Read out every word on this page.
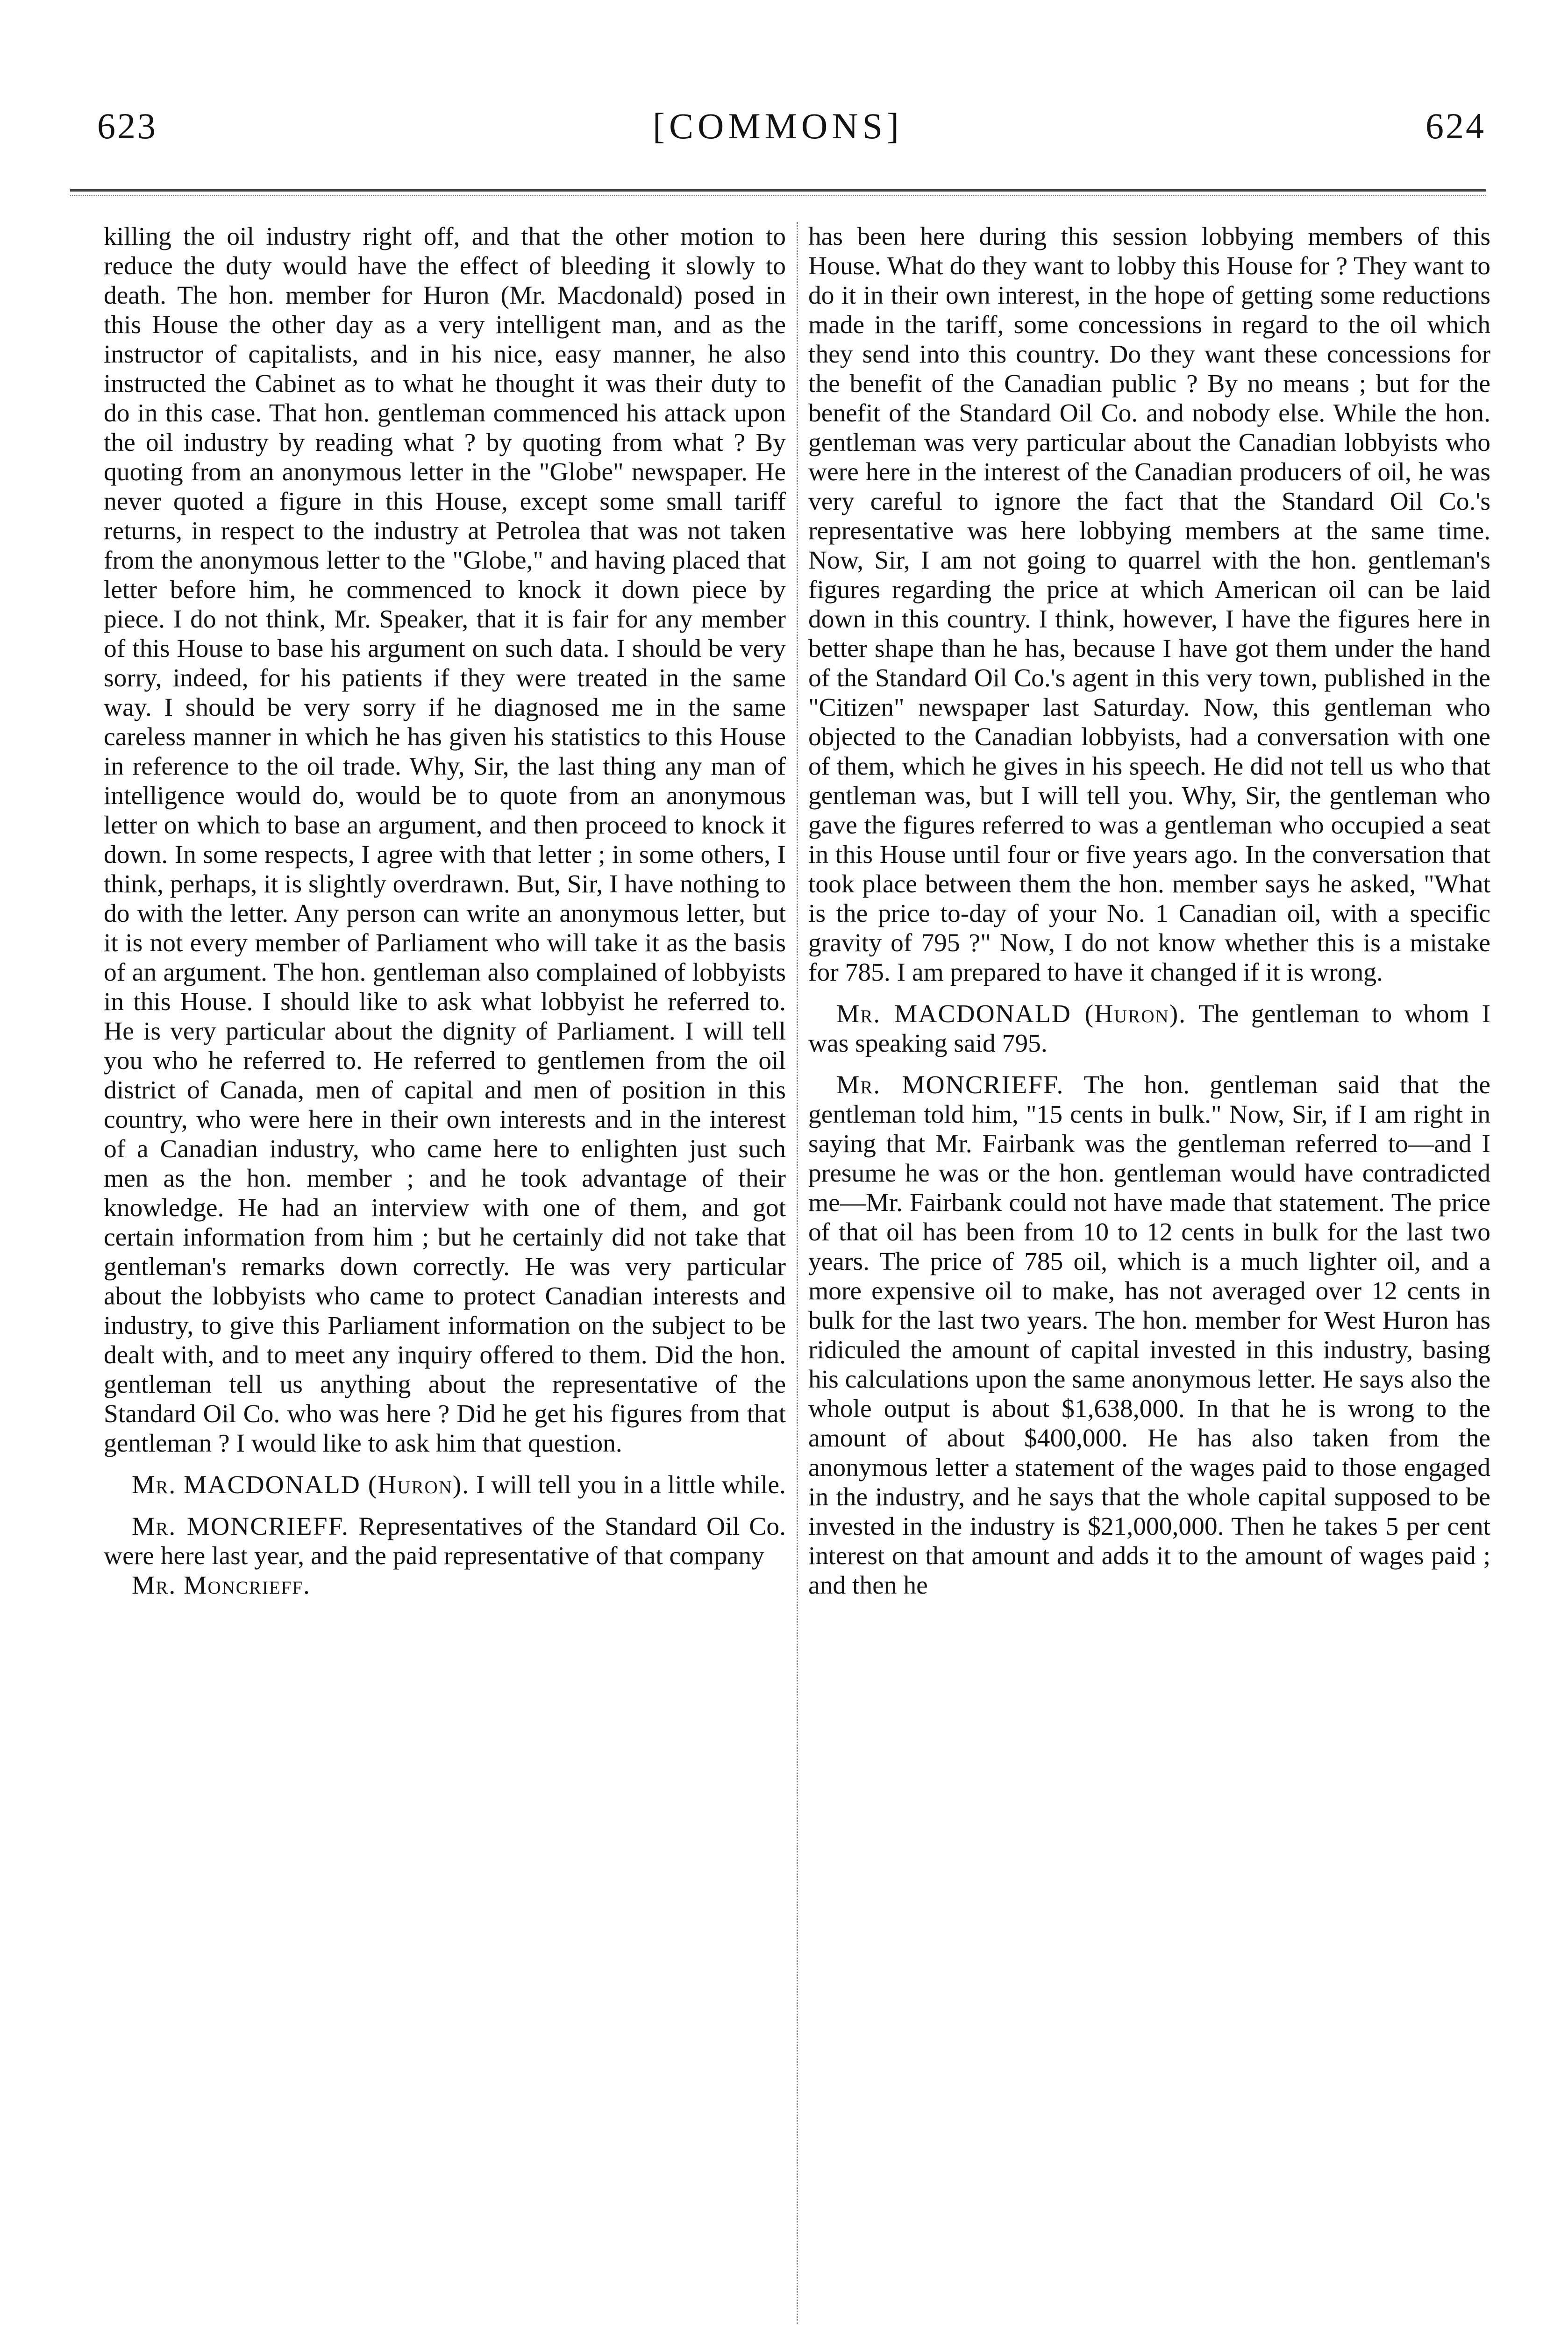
623	[COMMONS]	624

killing the oil industry right off, and that the other motion to reduce the duty would have the effect of bleeding it slowly to death. The hon. member for Huron (Mr. Macdonald) posed in this House the other day as a very intelligent man, and as the instructor of capitalists, and in his nice, easy manner, he also instructed the Cabinet as to what he thought it was their duty to do in this case. That hon. gentleman commenced his attack upon the oil industry by reading what ? by quoting from what ? By quoting from an anonymous letter in the "Globe" newspaper. He never quoted a figure in this House, except some small tariff returns, in respect to the industry at Petrolea that was not taken from the anonymous letter to the "Globe," and having placed that letter before him, he commenced to knock it down piece by piece. I do not think, Mr. Speaker, that it is fair for any member of this House to base his argument on such data. I should be very sorry, indeed, for his patients if they were treated in the same way. I should be very sorry if he diagnosed me in the same careless manner in which he has given his statistics to this House in reference to the oil trade. Why, Sir, the last thing any man of intelligence would do, would be to quote from an anonymous letter on which to base an argument, and then proceed to knock it down. In some respects, I agree with that letter ; in some others, I think, perhaps, it is slightly overdrawn. But, Sir, I have nothing to do with the letter. Any person can write an anonymous letter, but it is not every member of Parliament who will take it as the basis of an argument. The hon. gentleman also complained of lobbyists in this House. I should like to ask what lobbyist he referred to. He is very particular about the dignity of Parliament. I will tell you who he referred to. He referred to gentlemen from the oil district of Canada, men of capital and men of position in this country, who were here in their own interests and in the interest of a Canadian industry, who came here to enlighten just such men as the hon. member ; and he took advantage of their knowledge. He had an interview with one of them, and got certain information from him ; but he certainly did not take that gentleman's remarks down correctly. He was very particular about the lobbyists who came to protect Canadian interests and industry, to give this Parliament information on the subject to be dealt with, and to meet any inquiry offered to them. Did the hon. gentleman tell us anything about the representative of the Standard Oil Co. who was here ? Did he get his figures from that gentleman ? I would like to ask him that question.

Mr. MACDONALD (Huron). I will tell you in a little while.

Mr. MONCRIEFF. Representatives of the Standard Oil Co. were here last year, and the paid representative of that company

Mr. Moncrieff.

has been here during this session lobbying members of this House. What do they want to lobby this House for ? They want to do it in their own interest, in the hope of getting some reductions made in the tariff, some concessions in regard to the oil which they send into this country. Do they want these concessions for the benefit of the Canadian public ? By no means ; but for the benefit of the Standard Oil Co. and nobody else. While the hon. gentleman was very particular about the Canadian lobbyists who were here in the interest of the Canadian producers of oil, he was very careful to ignore the fact that the Standard Oil Co.'s representative was here lobbying members at the same time. Now, Sir, I am not going to quarrel with the hon. gentleman's figures regarding the price at which American oil can be laid down in this country. I think, however, I have the figures here in better shape than he has, because I have got them under the hand of the Standard Oil Co.'s agent in this very town, published in the "Citizen" newspaper last Saturday. Now, this gentleman who objected to the Canadian lobbyists, had a conversation with one of them, which he gives in his speech. He did not tell us who that gentleman was, but I will tell you. Why, Sir, the gentleman who gave the figures referred to was a gentleman who occupied a seat in this House until four or five years ago. In the conversation that took place between them the hon. member says he asked, "What is the price to-day of your No. 1 Canadian oil, with a specific gravity of 795 ?" Now, I do not know whether this is a mistake for 785. I am prepared to have it changed if it is wrong.

Mr. MACDONALD (Huron). The gentleman to whom I was speaking said 795.

Mr. MONCRIEFF. The hon. gentleman said that the gentleman told him, "15 cents in bulk." Now, Sir, if I am right in saying that Mr. Fairbank was the gentleman referred to—and I presume he was or the hon. gentleman would have contradicted me—Mr. Fairbank could not have made that statement. The price of that oil has been from 10 to 12 cents in bulk for the last two years. The price of 785 oil, which is a much lighter oil, and a more expensive oil to make, has not averaged over 12 cents in bulk for the last two years. The hon. member for West Huron has ridiculed the amount of capital invested in this industry, basing his calculations upon the same anonymous letter. He says also the whole output is about $1,638,000. In that he is wrong to the amount of about $400,000. He has also taken from the anonymous letter a statement of the wages paid to those engaged in the industry, and he says that the whole capital supposed to be invested in the industry is $21,000,000. Then he takes 5 per cent interest on that amount and adds it to the amount of wages paid ; and then he
